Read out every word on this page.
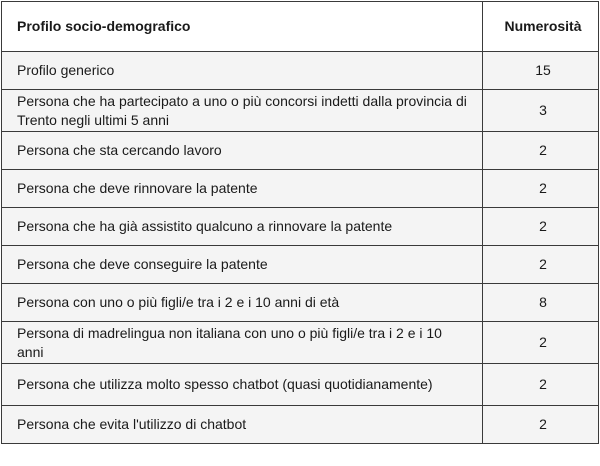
Profilo socio-demografico	Numerosità
Profilo generico	15
Persona che ha partecipato a uno o più concorsi indetti dalla provincia di Trento negli ultimi 5 anni	3
Persona che sta cercando lavoro	2
Persona che deve rinnovare la patente	2
Persona che ha già assistito qualcuno a rinnovare la patente	2
Persona che deve conseguire la patente	2
Persona con uno o più figli/e tra i 2 e i 10 anni di età	8
Persona di madrelingua non italiana con uno o più figli/e tra i 2 e i 10 anni	2
Persona che utilizza molto spesso chatbot (quasi quotidianamente)	2
Persona che evita l'utilizzo di chatbot	2
